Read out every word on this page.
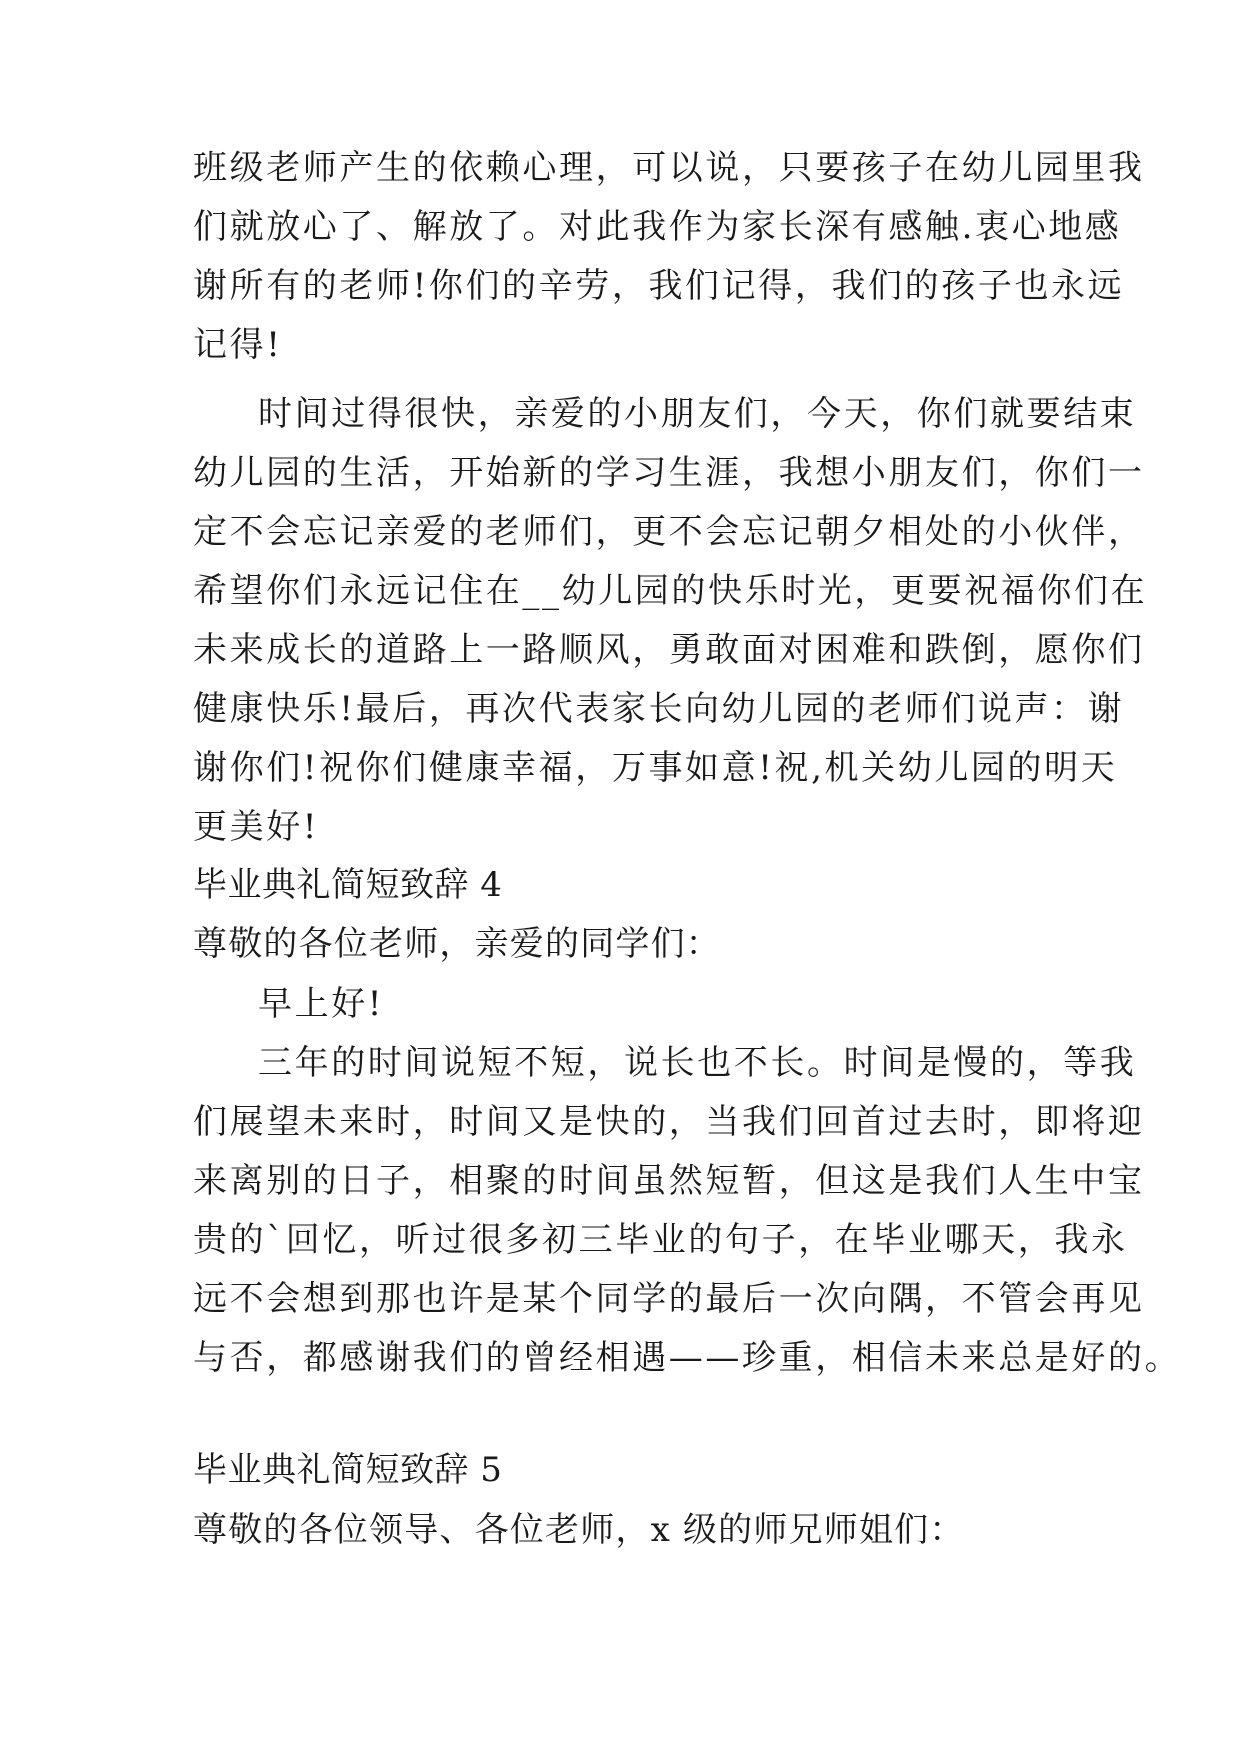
班级老师产生的依赖心理，可以说，只要孩子在幼儿园里我
们就放心了、解放了。对此我作为家长深有感触.衷心地感
谢所有的老师!你们的辛劳，我们记得，我们的孩子也永远
记得!
时间过得很快，亲爱的小朋友们，今天，你们就要结束
幼儿园的生活，开始新的学习生涯，我想小朋友们，你们一
定不会忘记亲爱的老师们，更不会忘记朝夕相处的小伙伴，
希望你们永远记住在__幼儿园的快乐时光，更要祝福你们在
未来成长的道路上一路顺风，勇敢面对困难和跌倒，愿你们
健康快乐!最后，再次代表家长向幼儿园的老师们说声：谢
谢你们!祝你们健康幸福，万事如意!祝,机关幼儿园的明天
更美好!
毕业典礼简短致辞 4
尊敬的各位老师，亲爱的同学们：
早上好!
三年的时间说短不短，说长也不长。时间是慢的，等我
们展望未来时，时间又是快的，当我们回首过去时，即将迎
来离别的日子，相聚的时间虽然短暂，但这是我们人生中宝
贵的`回忆，听过很多初三毕业的句子，在毕业哪天，我永
远不会想到那也许是某个同学的最后一次向隅，不管会再见
与否，都感谢我们的曾经相遇——珍重，相信未来总是好的。
毕业典礼简短致辞 5
尊敬的各位领导、各位老师，x 级的师兄师姐们：
